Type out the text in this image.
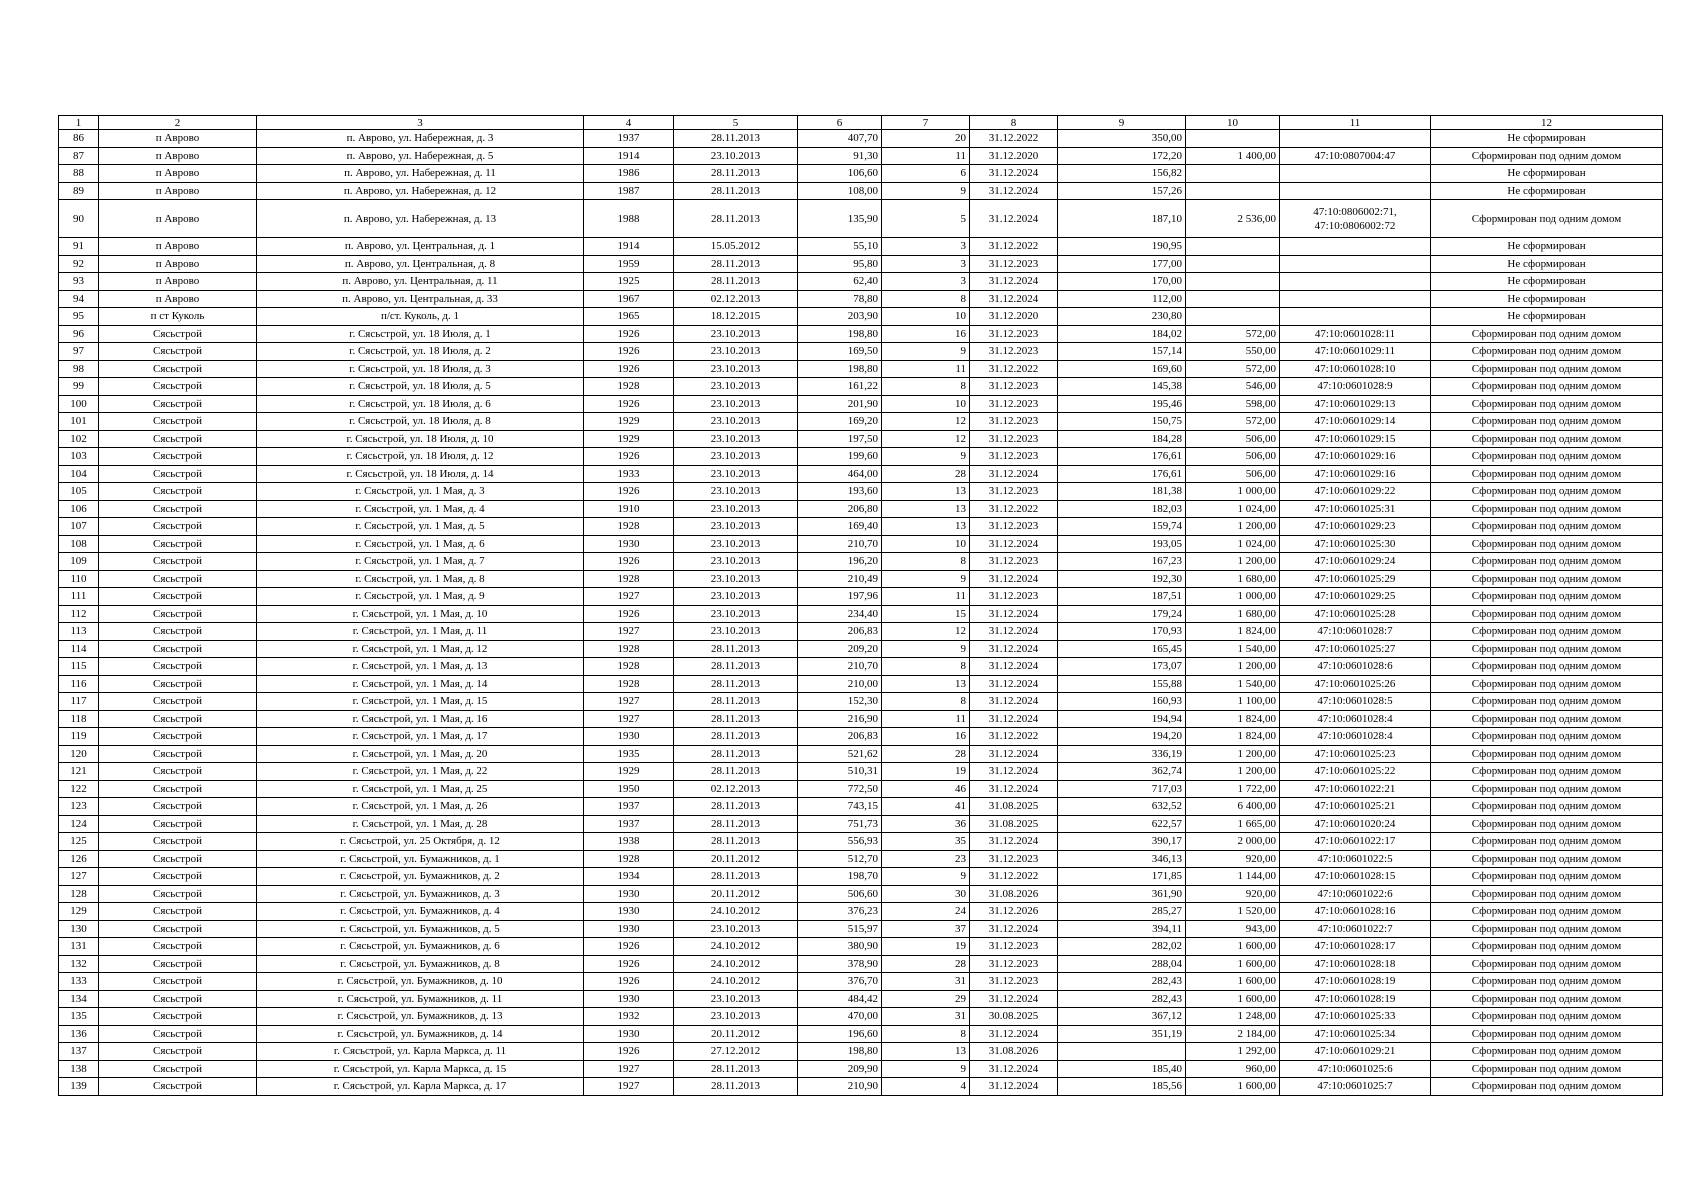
1	2	3	4	5	6	7	8	9	10	11	12
86	п Аврово	п. Аврово, ул. Набережная, д. 3	1937	28.11.2013	407,70	20	31.12.2022	350,00			Не сформирован
87	п Аврово	п. Аврово, ул. Набережная, д. 5	1914	23.10.2013	91,30	11	31.12.2020	172,20	1 400,00	47:10:0807004:47	Сформирован под одним домом
88	п Аврово	п. Аврово, ул. Набережная, д. 11	1986	28.11.2013	106,60	6	31.12.2024	156,82			Не сформирован
89	п Аврово	п. Аврово, ул. Набережная, д. 12	1987	28.11.2013	108,00	9	31.12.2024	157,26			Не сформирован
90	п Аврово	п. Аврово, ул. Набережная, д. 13	1988	28.11.2013	135,90	5	31.12.2024	187,10	2 536,00	47:10:0806002:71, 47:10:0806002:72	Сформирован под одним домом
91	п Аврово	п. Аврово, ул. Центральная, д. 1	1914	15.05.2012	55,10	3	31.12.2022	190,95			Не сформирован
92	п Аврово	п. Аврово, ул. Центральная, д. 8	1959	28.11.2013	95,80	3	31.12.2023	177,00			Не сформирован
93	п Аврово	п. Аврово, ул. Центральная, д. 11	1925	28.11.2013	62,40	3	31.12.2024	170,00			Не сформирован
94	п Аврово	п. Аврово, ул. Центральная, д. 33	1967	02.12.2013	78,80	8	31.12.2024	112,00			Не сформирован
95	п ст Куколь	п/ст. Куколь, д. 1	1965	18.12.2015	203,90	10	31.12.2020	230,80			Не сформирован
96	Сясьстрой	г. Сясьстрой, ул. 18 Июля, д. 1	1926	23.10.2013	198,80	16	31.12.2023	184,02	572,00	47:10:0601028:11	Сформирован под одним домом
97	Сясьстрой	г. Сясьстрой, ул. 18 Июля, д. 2	1926	23.10.2013	169,50	9	31.12.2023	157,14	550,00	47:10:0601029:11	Сформирован под одним домом
98	Сясьстрой	г. Сясьстрой, ул. 18 Июля, д. 3	1926	23.10.2013	198,80	11	31.12.2022	169,60	572,00	47:10:0601028:10	Сформирован под одним домом
99	Сясьстрой	г. Сясьстрой, ул. 18 Июля, д. 5	1928	23.10.2013	161,22	8	31.12.2023	145,38	546,00	47:10:0601028:9	Сформирован под одним домом
100	Сясьстрой	г. Сясьстрой, ул. 18 Июля, д. 6	1926	23.10.2013	201,90	10	31.12.2023	195,46	598,00	47:10:0601029:13	Сформирован под одним домом
101	Сясьстрой	г. Сясьстрой, ул. 18 Июля, д. 8	1929	23.10.2013	169,20	12	31.12.2023	150,75	572,00	47:10:0601029:14	Сформирован под одним домом
102	Сясьстрой	г. Сясьстрой, ул. 18 Июля, д. 10	1929	23.10.2013	197,50	12	31.12.2023	184,28	506,00	47:10:0601029:15	Сформирован под одним домом
103	Сясьстрой	г. Сясьстрой, ул. 18 Июля, д. 12	1926	23.10.2013	199,60	9	31.12.2023	176,61	506,00	47:10:0601029:16	Сформирован под одним домом
104	Сясьстрой	г. Сясьстрой, ул. 18 Июля, д. 14	1933	23.10.2013	464,00	28	31.12.2024	176,61	506,00	47:10:0601029:16	Сформирован под одним домом
105	Сясьстрой	г. Сясьстрой, ул. 1 Мая, д. 3	1926	23.10.2013	193,60	13	31.12.2023	181,38	1 000,00	47:10:0601029:22	Сформирован под одним домом
106	Сясьстрой	г. Сясьстрой, ул. 1 Мая, д. 4	1910	23.10.2013	206,80	13	31.12.2022	182,03	1 024,00	47:10:0601025:31	Сформирован под одним домом
107	Сясьстрой	г. Сясьстрой, ул. 1 Мая, д. 5	1928	23.10.2013	169,40	13	31.12.2023	159,74	1 200,00	47:10:0601029:23	Сформирован под одним домом
108	Сясьстрой	г. Сясьстрой, ул. 1 Мая, д. 6	1930	23.10.2013	210,70	10	31.12.2024	193,05	1 024,00	47:10:0601025:30	Сформирован под одним домом
109	Сясьстрой	г. Сясьстрой, ул. 1 Мая, д. 7	1926	23.10.2013	196,20	8	31.12.2023	167,23	1 200,00	47:10:0601029:24	Сформирован под одним домом
110	Сясьстрой	г. Сясьстрой, ул. 1 Мая, д. 8	1928	23.10.2013	210,49	9	31.12.2024	192,30	1 680,00	47:10:0601025:29	Сформирован под одним домом
111	Сясьстрой	г. Сясьстрой, ул. 1 Мая, д. 9	1927	23.10.2013	197,96	11	31.12.2023	187,51	1 000,00	47:10:0601029:25	Сформирован под одним домом
112	Сясьстрой	г. Сясьстрой, ул. 1 Мая, д. 10	1926	23.10.2013	234,40	15	31.12.2024	179,24	1 680,00	47:10:0601025:28	Сформирован под одним домом
113	Сясьстрой	г. Сясьстрой, ул. 1 Мая, д. 11	1927	23.10.2013	206,83	12	31.12.2024	170,93	1 824,00	47:10:0601028:7	Сформирован под одним домом
114	Сясьстрой	г. Сясьстрой, ул. 1 Мая, д. 12	1928	28.11.2013	209,20	9	31.12.2024	165,45	1 540,00	47:10:0601025:27	Сформирован под одним домом
115	Сясьстрой	г. Сясьстрой, ул. 1 Мая, д. 13	1928	28.11.2013	210,70	8	31.12.2024	173,07	1 200,00	47:10:0601028:6	Сформирован под одним домом
116	Сясьстрой	г. Сясьстрой, ул. 1 Мая, д. 14	1928	28.11.2013	210,00	13	31.12.2024	155,88	1 540,00	47:10:0601025:26	Сформирован под одним домом
117	Сясьстрой	г. Сясьстрой, ул. 1 Мая, д. 15	1927	28.11.2013	152,30	8	31.12.2024	160,93	1 100,00	47:10:0601028:5	Сформирован под одним домом
118	Сясьстрой	г. Сясьстрой, ул. 1 Мая, д. 16	1927	28.11.2013	216,90	11	31.12.2024	194,94	1 824,00	47:10:0601028:4	Сформирован под одним домом
119	Сясьстрой	г. Сясьстрой, ул. 1 Мая, д. 17	1930	28.11.2013	206,83	16	31.12.2022	194,20	1 824,00	47:10:0601028:4	Сформирован под одним домом
120	Сясьстрой	г. Сясьстрой, ул. 1 Мая, д. 20	1935	28.11.2013	521,62	28	31.12.2024	336,19	1 200,00	47:10:0601025:23	Сформирован под одним домом
121	Сясьстрой	г. Сясьстрой, ул. 1 Мая, д. 22	1929	28.11.2013	510,31	19	31.12.2024	362,74	1 200,00	47:10:0601025:22	Сформирован под одним домом
122	Сясьстрой	г. Сясьстрой, ул. 1 Мая, д. 25	1950	02.12.2013	772,50	46	31.12.2024	717,03	1 722,00	47:10:0601022:21	Сформирован под одним домом
123	Сясьстрой	г. Сясьстрой, ул. 1 Мая, д. 26	1937	28.11.2013	743,15	41	31.08.2025	632,52	6 400,00	47:10:0601025:21	Сформирован под одним домом
124	Сясьстрой	г. Сясьстрой, ул. 1 Мая, д. 28	1937	28.11.2013	751,73	36	31.08.2025	622,57	1 665,00	47:10:0601020:24	Сформирован под одним домом
125	Сясьстрой	г. Сясьстрой, ул. 25 Октября, д. 12	1938	28.11.2013	556,93	35	31.12.2024	390,17	2 000,00	47:10:0601022:17	Сформирован под одним домом
126	Сясьстрой	г. Сясьстрой, ул. Бумажников, д. 1	1928	20.11.2012	512,70	23	31.12.2023	346,13	920,00	47:10:0601022:5	Сформирован под одним домом
127	Сясьстрой	г. Сясьстрой, ул. Бумажников, д. 2	1934	28.11.2013	198,70	9	31.12.2022	171,85	1 144,00	47:10:0601028:15	Сформирован под одним домом
128	Сясьстрой	г. Сясьстрой, ул. Бумажников, д. 3	1930	20.11.2012	506,60	30	31.08.2026	361,90	920,00	47:10:0601022:6	Сформирован под одним домом
129	Сясьстрой	г. Сясьстрой, ул. Бумажников, д. 4	1930	24.10.2012	376,23	24	31.12.2026	285,27	1 520,00	47:10:0601028:16	Сформирован под одним домом
130	Сясьстрой	г. Сясьстрой, ул. Бумажников, д. 5	1930	23.10.2013	515,97	37	31.12.2024	394,11	943,00	47:10:0601022:7	Сформирован под одним домом
131	Сясьстрой	г. Сясьстрой, ул. Бумажников, д. 6	1926	24.10.2012	380,90	19	31.12.2023	282,02	1 600,00	47:10:0601028:17	Сформирован под одним домом
132	Сясьстрой	г. Сясьстрой, ул. Бумажников, д. 8	1926	24.10.2012	378,90	28	31.12.2023	288,04	1 600,00	47:10:0601028:18	Сформирован под одним домом
133	Сясьстрой	г. Сясьстрой, ул. Бумажников, д. 10	1926	24.10.2012	376,70	31	31.12.2023	282,43	1 600,00	47:10:0601028:19	Сформирован под одним домом
134	Сясьстрой	г. Сясьстрой, ул. Бумажников, д. 11	1930	23.10.2013	484,42	29	31.12.2024	282,43	1 600,00	47:10:0601028:19	Сформирован под одним домом
135	Сясьстрой	г. Сясьстрой, ул. Бумажников, д. 13	1932	23.10.2013	470,00	31	30.08.2025	367,12	1 248,00	47:10:0601025:33	Сформирован под одним домом
136	Сясьстрой	г. Сясьстрой, ул. Бумажников, д. 14	1930	20.11.2012	196,60	8	31.12.2024	351,19	2 184,00	47:10:0601025:34	Сформирован под одним домом
137	Сясьстрой	г. Сясьстрой, ул. Карла Маркса, д. 11	1926	27.12.2012	198,80	13	31.08.2026		1 292,00	47:10:0601029:21	Сформирован под одним домом
138	Сясьстрой	г. Сясьстрой, ул. Карла Маркса, д. 15	1927	28.11.2013	209,90	9	31.12.2024	185,40	960,00	47:10:0601025:6	Сформирован под одним домом
139	Сясьстрой	г. Сясьстрой, ул. Карла Маркса, д. 17	1927	28.11.2013	210,90	4	31.12.2024	185,56	1 600,00	47:10:0601025:7	Сформирован под одним домом
